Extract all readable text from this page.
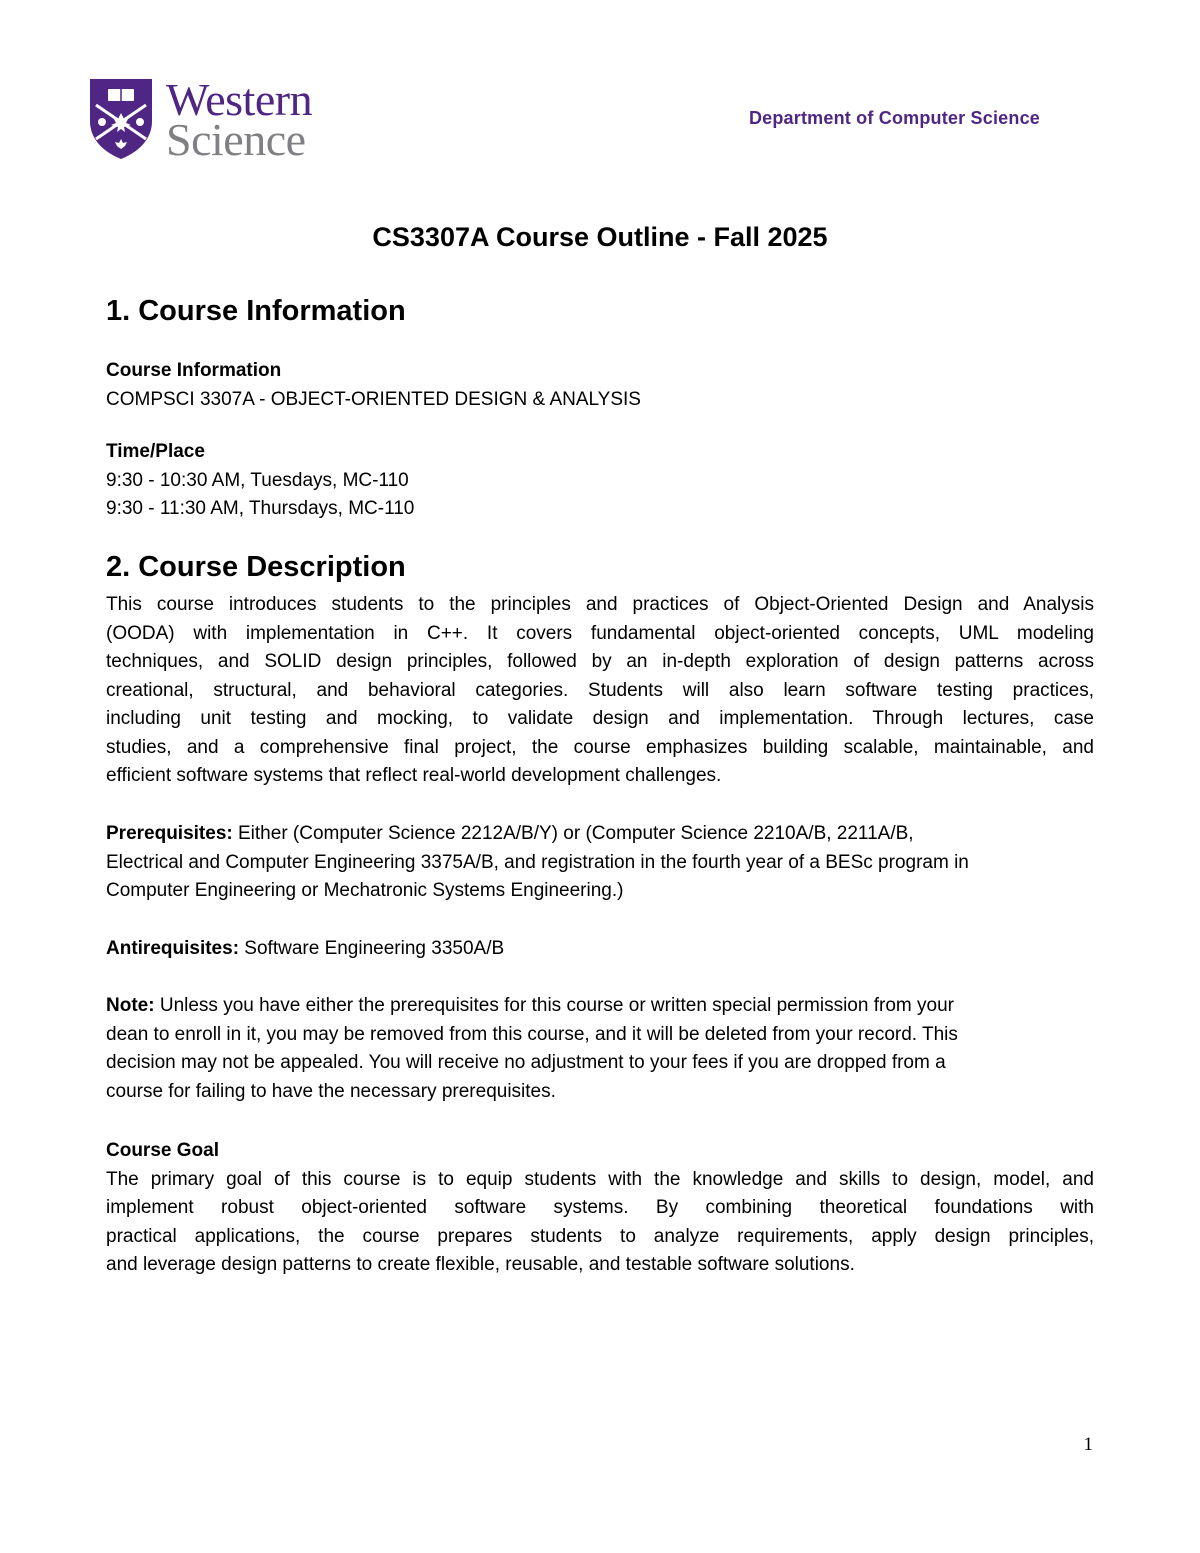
Western
Science	Department of Computer Science
CS3307A Course Outline - Fall 2025
1. Course Information
Course Information
COMPSCI 3307A - OBJECT-ORIENTED DESIGN & ANALYSIS
Time/Place
9:30 - 10:30 AM, Tuesdays, MC-110
9:30 - 11:30 AM, Thursdays, MC-110
2. Course Description
This course introduces students to the principles and practices of Object-Oriented Design and Analysis
(OODA) with implementation in C++. It covers fundamental object-oriented concepts, UML modeling
techniques, and SOLID design principles, followed by an in-depth exploration of design patterns across
creational, structural, and behavioral categories. Students will also learn software testing practices,
including unit testing and mocking, to validate design and implementation. Through lectures, case
studies, and a comprehensive final project, the course emphasizes building scalable, maintainable, and
efficient software systems that reflect real-world development challenges.
Prerequisites: Either (Computer Science 2212A/B/Y) or (Computer Science 2210A/B, 2211A/B,
Electrical and Computer Engineering 3375A/B, and registration in the fourth year of a BESc program in
Computer Engineering or Mechatronic Systems Engineering.)
Antirequisites: Software Engineering 3350A/B
Note: Unless you have either the prerequisites for this course or written special permission from your
dean to enroll in it, you may be removed from this course, and it will be deleted from your record. This
decision may not be appealed. You will receive no adjustment to your fees if you are dropped from a
course for failing to have the necessary prerequisites.
Course Goal
The primary goal of this course is to equip students with the knowledge and skills to design, model, and
implement robust object-oriented software systems. By combining theoretical foundations with
practical applications, the course prepares students to analyze requirements, apply design principles,
and leverage design patterns to create flexible, reusable, and testable software solutions.
1
